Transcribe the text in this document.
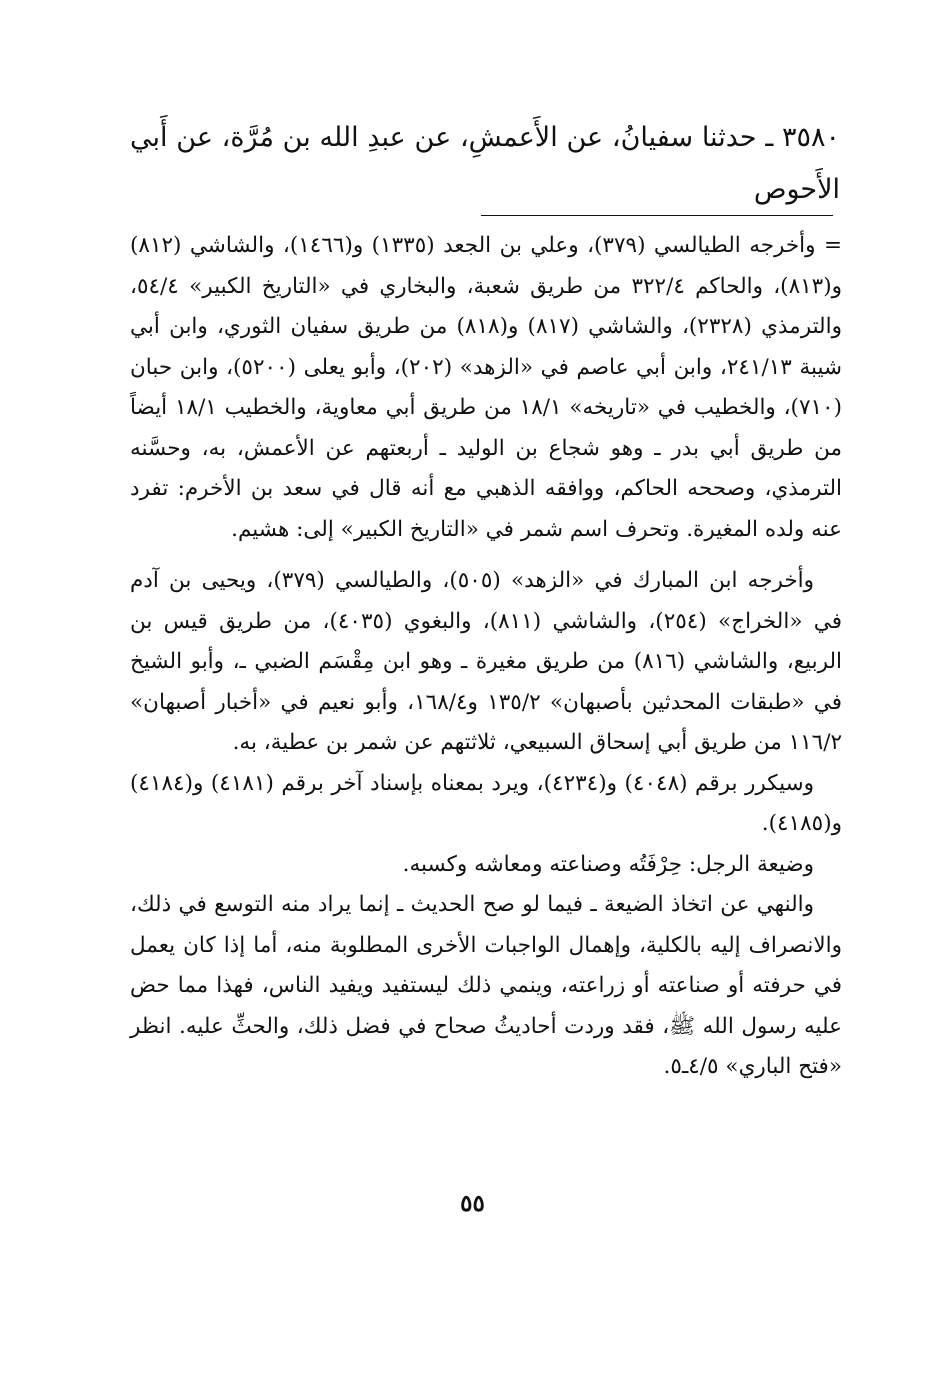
٣٥٨٠ ـ حدثنا سفيانُ، عن الأَعمشِ، عن عبدِ الله بن مُرَّة، عن أَبي الأَحوص

= وأخرجه الطيالسي (٣٧٩)، وعلي بن الجعد (١٣٣٥) و(١٤٦٦)، والشاشي (٨١٢) و(٨١٣)، والحاكم ٣٢٢/٤ من طريق شعبة، والبخاري في «التاريخ الكبير» ٥٤/٤، والترمذي (٢٣٢٨)، والشاشي (٨١٧) و(٨١٨) من طريق سفيان الثوري، وابن أبي شيبة ٢٤١/١٣، وابن أبي عاصم في «الزهد» (٢٠٢)، وأبو يعلى (٥٢٠٠)، وابن حبان (٧١٠)، والخطيب في «تاريخه» ١٨/١ من طريق أبي معاوية، والخطيب ١٨/١ أيضاً من طريق أبي بدر ـ وهو شجاع بن الوليد ـ أربعتهم عن الأعمش، به، وحسَّنه الترمذي، وصححه الحاكم، ووافقه الذهبي مع أنه قال في سعد بن الأخرم: تفرد عنه ولده المغيرة. وتحرف اسم شمر في «التاريخ الكبير» إلى: هشيم.

وأخرجه ابن المبارك في «الزهد» (٥٠٥)، والطيالسي (٣٧٩)، ويحيى بن آدم في «الخراج» (٢٥٤)، والشاشي (٨١١)، والبغوي (٤٠٣٥)، من طريق قيس بن الربيع، والشاشي (٨١٦) من طريق مغيرة ـ وهو ابن مِقْسَم الضبي ـ، وأبو الشيخ في «طبقات المحدثين بأصبهان» ١٣٥/٢ و١٦٨/٤، وأبو نعيم في «أخبار أصبهان» ١١٦/٢ من طريق أبي إسحاق السبيعي، ثلاثتهم عن شمر بن عطية، به.

وسيكرر برقم (٤٠٤٨) و(٤٢٣٤)، ويرد بمعناه بإسناد آخر برقم (٤١٨١) و(٤١٨٤) و(٤١٨٥).

وضيعة الرجل: حِرْفَتُه وصناعته ومعاشه وكسبه.

والنهي عن اتخاذ الضيعة ـ فيما لو صح الحديث ـ إنما يراد منه التوسع في ذلك، والانصراف إليه بالكلية، وإهمال الواجبات الأخرى المطلوبة منه، أما إذا كان يعمل في حرفته أو صناعته أو زراعته، وينمي ذلك ليستفيد ويفيد الناس، فهذا مما حض عليه رسول الله ﷺ، فقد وردت أحاديثُ صحاح في فضل ذلك، والحثِّ عليه. انظر «فتح الباري» ٤/٥ـ٥.

٥٥
